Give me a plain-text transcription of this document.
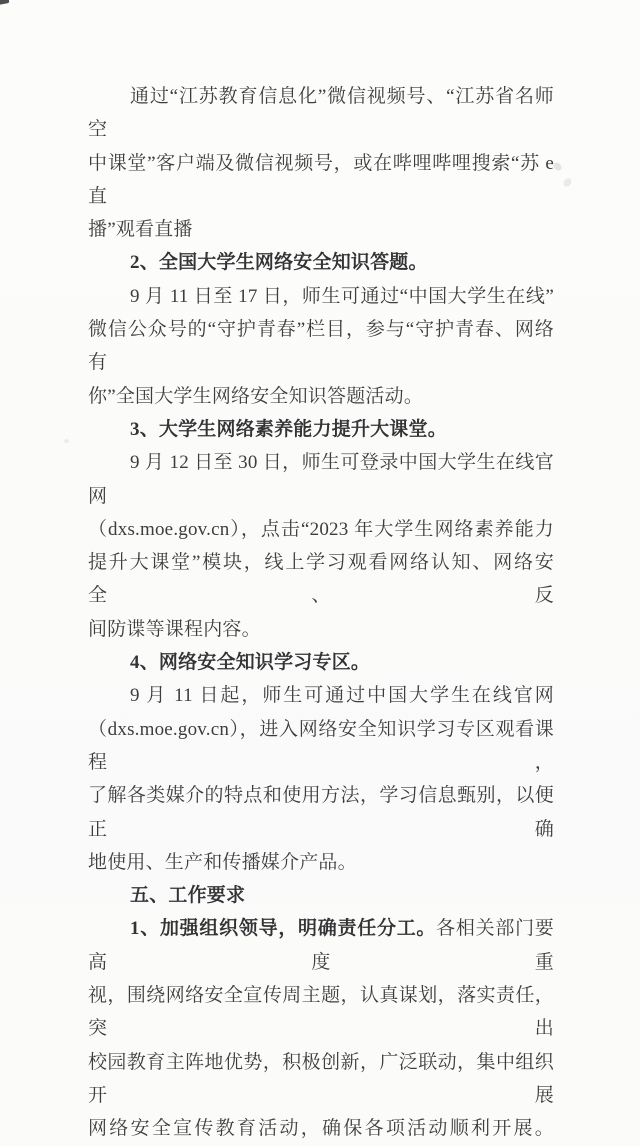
通过“江苏教育信息化”微信视频号、“江苏省名师空

中课堂”客户端及微信视频号，或在哔哩哔哩搜索“苏 e 直

播”观看直播

2、全国大学生网络安全知识答题。

9 月 11 日至 17 日，师生可通过“中国大学生在线”

微信公众号的“守护青春”栏目，参与“守护青春、网络有

你”全国大学生网络安全知识答题活动。

3、大学生网络素养能力提升大课堂。

9 月 12 日至 30 日，师生可登录中国大学生在线官网

（dxs.moe.gov.cn），点击“2023 年大学生网络素养能力

提升大课堂”模块，线上学习观看网络认知、网络安全、反

间防谍等课程内容。

4、网络安全知识学习专区。

9 月 11 日起，师生可通过中国大学生在线官网

（dxs.moe.gov.cn），进入网络安全知识学习专区观看课程，

了解各类媒介的特点和使用方法，学习信息甄别，以便正确

地使用、生产和传播媒介产品。

五、工作要求

1、加强组织领导，明确责任分工。各相关部门要高度重

视，围绕网络安全宣传周主题，认真谋划，落实责任，突出

校园教育主阵地优势，积极创新，广泛联动，集中组织开展

网络安全宣传教育活动，确保各项活动顺利开展。
